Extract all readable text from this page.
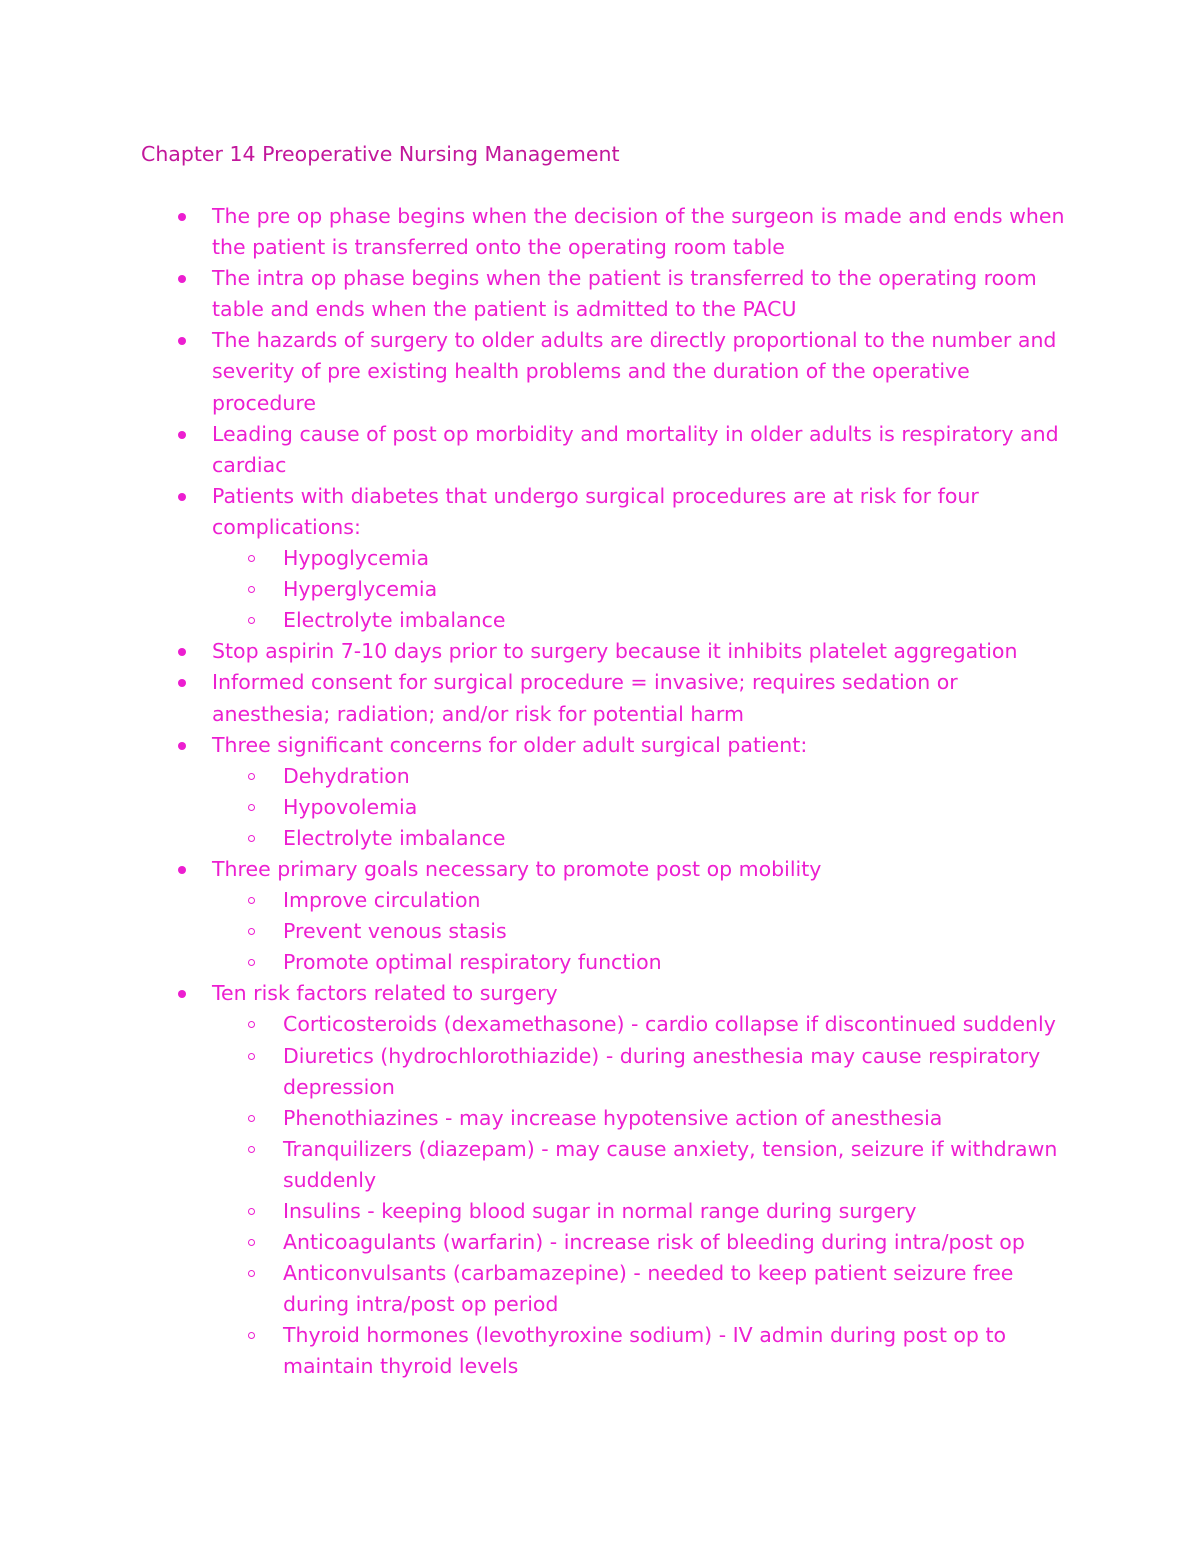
Chapter 14 Preoperative Nursing Management
The pre op phase begins when the decision of the surgeon is made and ends when the patient is transferred onto the operating room table
The intra op phase begins when the patient is transferred to the operating room table and ends when the patient is admitted to the PACU
The hazards of surgery to older adults are directly proportional to the number and severity of pre existing health problems and the duration of the operative procedure
Leading cause of post op morbidity and mortality in older adults is respiratory and cardiac
Patients with diabetes that undergo surgical procedures are at risk for four complications:
Hypoglycemia
Hyperglycemia
Electrolyte imbalance
Stop aspirin 7-10 days prior to surgery because it inhibits platelet aggregation
Informed consent for surgical procedure = invasive; requires sedation or anesthesia; radiation; and/or risk for potential harm
Three significant concerns for older adult surgical patient:
Dehydration
Hypovolemia
Electrolyte imbalance
Three primary goals necessary to promote post op mobility
Improve circulation
Prevent venous stasis
Promote optimal respiratory function
Ten risk factors related to surgery
Corticosteroids (dexamethasone) - cardio collapse if discontinued suddenly
Diuretics (hydrochlorothiazide) - during anesthesia may cause respiratory depression
Phenothiazines - may increase hypotensive action of anesthesia
Tranquilizers (diazepam) - may cause anxiety, tension, seizure if withdrawn suddenly
Insulins - keeping blood sugar in normal range during surgery
Anticoagulants (warfarin) - increase risk of bleeding during intra/post op
Anticonvulsants (carbamazepine) - needed to keep patient seizure free during intra/post op period
Thyroid hormones (levothyroxine sodium) - IV admin during post op to maintain thyroid levels
